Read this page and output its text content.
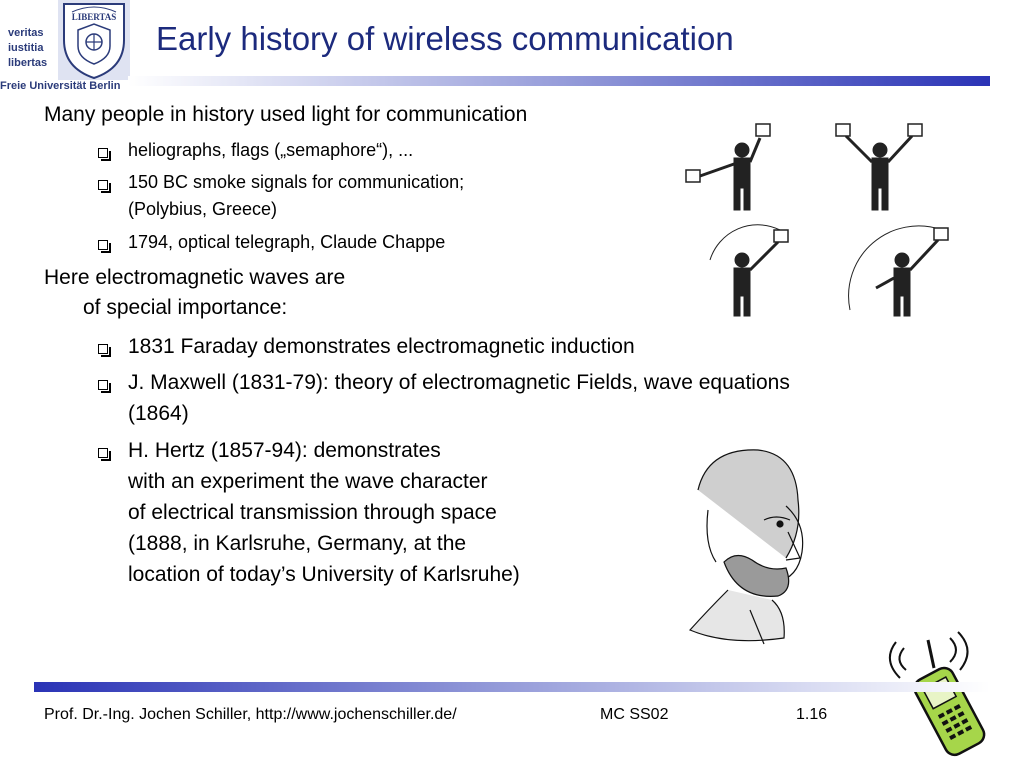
veritas
iustitia
libertas
LIBERTAS
Freie Universität Berlin
Early history of wireless communication
Many people in history used light for communication
heliographs, flags („semaphore“), ...
150 BC smoke signals for communication;
(Polybius, Greece)
1794, optical telegraph, Claude Chappe
Here electromagnetic waves are
of special importance:
1831 Faraday demonstrates electromagnetic induction
J. Maxwell (1831-79): theory of electromagnetic Fields, wave equations
(1864)
H. Hertz (1857-94): demonstrates
with an experiment the wave character
of electrical transmission through space
(1888, in Karlsruhe, Germany, at the
location of today’s University of Karlsruhe)
Prof. Dr.-Ing. Jochen Schiller, http://www.jochenschiller.de/	MC SS02	1.16
